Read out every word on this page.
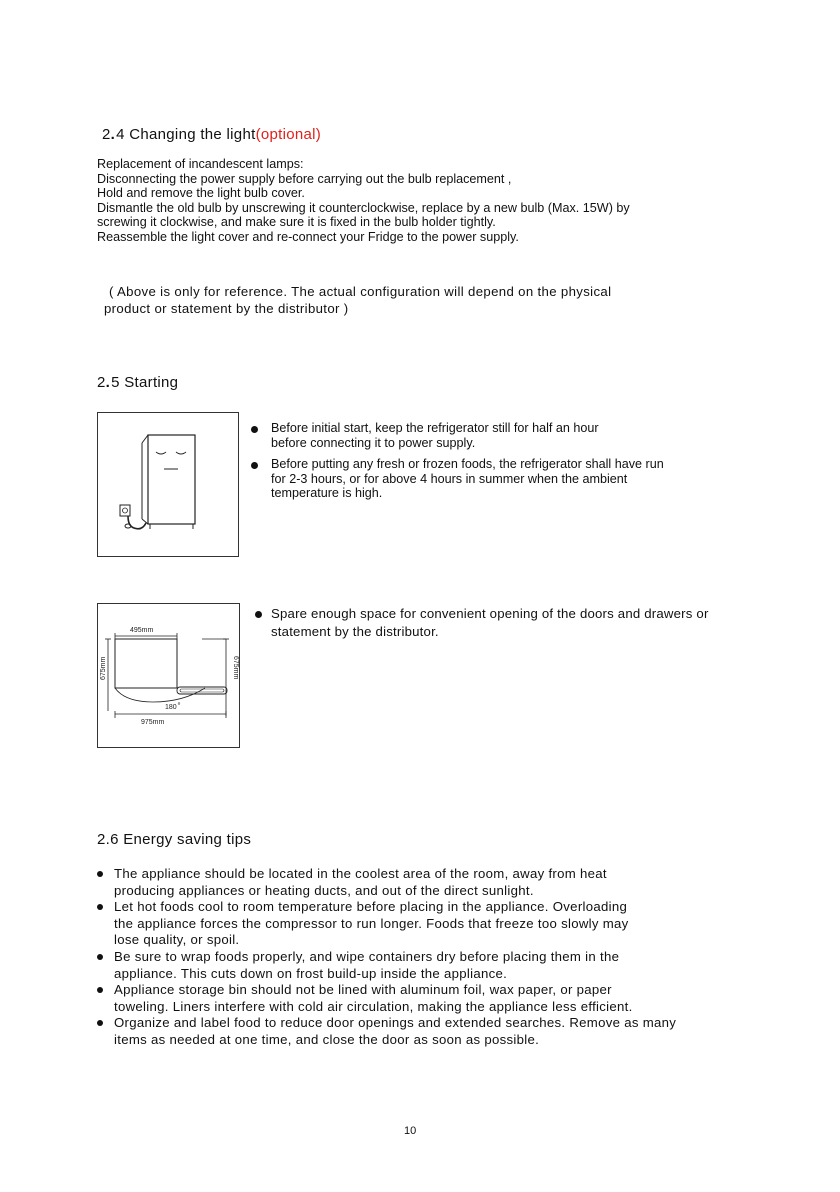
2.4 Changing the light(optional)

Replacement of incandescent lamps:

Disconnecting the power supply before carrying out the bulb replacement ,

Hold and remove the light bulb cover.

Dismantle the old bulb by unscrewing it counterclockwise, replace by a new bulb (Max. 15W) by

screwing it clockwise, and make sure it is fixed in the bulb holder tightly.

Reassemble the light cover and re-connect your Fridge to the power supply.

( Above is only for reference. The actual configuration will depend on the physical

product or statement by the distributor )

2.5 Starting

Before initial start, keep the refrigerator still for half an hour

before connecting it to power supply.

Before putting any fresh or frozen foods, the refrigerator shall have run

for 2-3 hours, or for above 4 hours in summer when the ambient

temperature is high.

495mm
675mm	675mm
180
975mm

Spare enough space for convenient opening of the doors and drawers or

statement by the distributor.

2.6 Energy saving tips

The appliance should be located in the coolest area of the room, away from heat

producing appliances or heating ducts, and out of the direct sunlight.

Let hot foods cool to room temperature before placing in the appliance. Overloading

the appliance forces the compressor to run longer. Foods that freeze too slowly may

lose quality, or spoil.

Be sure to wrap foods properly, and wipe containers dry before placing them in the

appliance. This cuts down on frost build-up inside the appliance.

Appliance storage bin should not be lined with aluminum foil, wax paper, or paper

toweling. Liners interfere with cold air circulation, making the appliance less efficient.

Organize and label food to reduce door openings and extended searches. Remove as many

items as needed at one time, and close the door as soon as possible.

10
